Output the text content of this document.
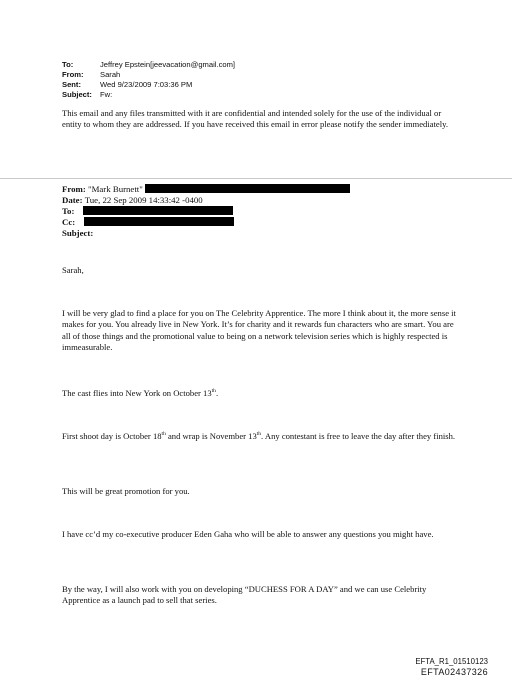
To:	Jeffrey Epstein[jeevacation@gmail.com]
From:	Sarah
Sent:	Wed 9/23/2009 7:03:36 PM
Subject:	Fw:
This email and any files transmitted with it are confidential and intended solely for the use of the individual or entity to whom they are addressed. If you have received this email in error please notify the sender immediately.
From:
"Mark Burnett"

Date:
Tue, 22 Sep 2009 14:33:42 -0400
To:

Cc:

Subject:

Sarah,

I will be very glad to find a place for you on The Celebrity Apprentice. The more I think about it, the more sense it makes for you. You already live in New York. It’s for charity and it rewards fun characters who are smart. You are all of those things and the promotional value to being on a network television series which is highly respected is immeasurable.

The cast flies into New York on October 13th.

First shoot day is October 18th and wrap is November 13th. Any contestant is free to leave the day after they finish.

This will be great promotion for you.

I have cc’d my co-executive producer Eden Gaha who will be able to answer any questions you might have.

By the way, I will also work with you on developing “DUCHESS FOR A DAY” and we can use Celebrity Apprentice as a launch pad to sell that series.

EFTA_R1_01510123
EFTA02437326
